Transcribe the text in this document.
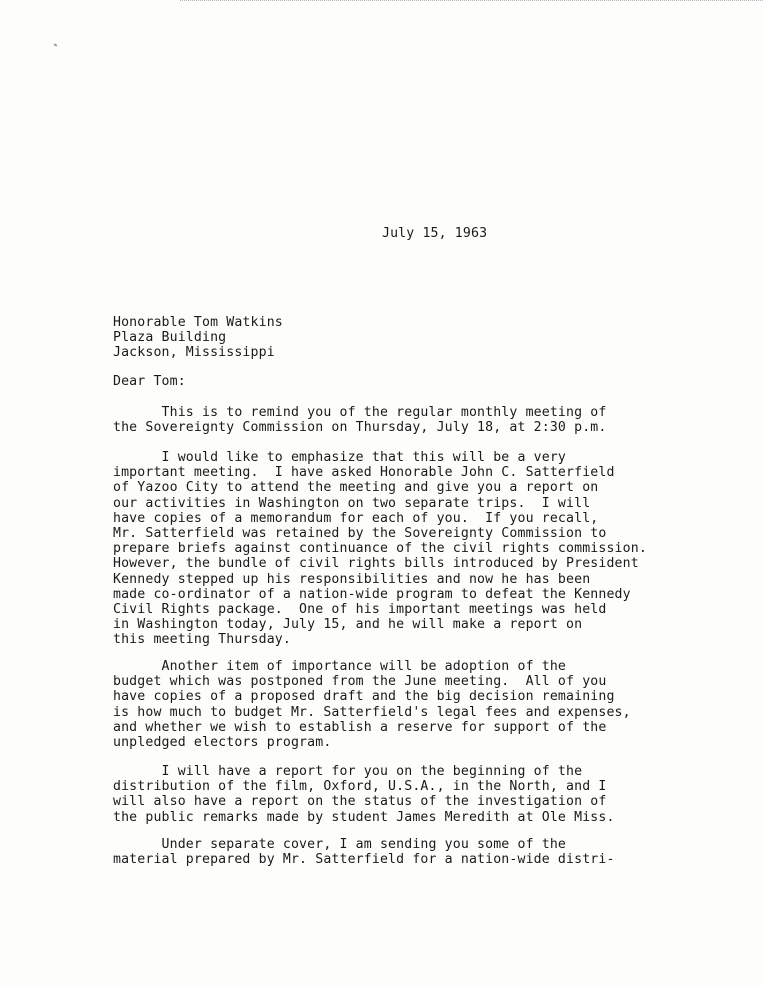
July 15, 1963
Honorable Tom Watkins
Plaza Building
Jackson, Mississippi
Dear Tom:
This is to remind you of the regular monthly meeting of
the Sovereignty Commission on Thursday, July 18, at 2:30 p.m.
I would like to emphasize that this will be a very
important meeting.  I have asked Honorable John C. Satterfield
of Yazoo City to attend the meeting and give you a report on
our activities in Washington on two separate trips.  I will
have copies of a memorandum for each of you.  If you recall,
Mr. Satterfield was retained by the Sovereignty Commission to
prepare briefs against continuance of the civil rights commission.
However, the bundle of civil rights bills introduced by President
Kennedy stepped up his responsibilities and now he has been
made co-ordinator of a nation-wide program to defeat the Kennedy
Civil Rights package.  One of his important meetings was held
in Washington today, July 15, and he will make a report on
this meeting Thursday.
Another item of importance will be adoption of the
budget which was postponed from the June meeting.  All of you
have copies of a proposed draft and the big decision remaining
is how much to budget Mr. Satterfield's legal fees and expenses,
and whether we wish to establish a reserve for support of the
unpledged electors program.
I will have a report for you on the beginning of the
distribution of the film, Oxford, U.S.A., in the North, and I
will also have a report on the status of the investigation of
the public remarks made by student James Meredith at Ole Miss.
Under separate cover, I am sending you some of the
material prepared by Mr. Satterfield for a nation-wide distri-
